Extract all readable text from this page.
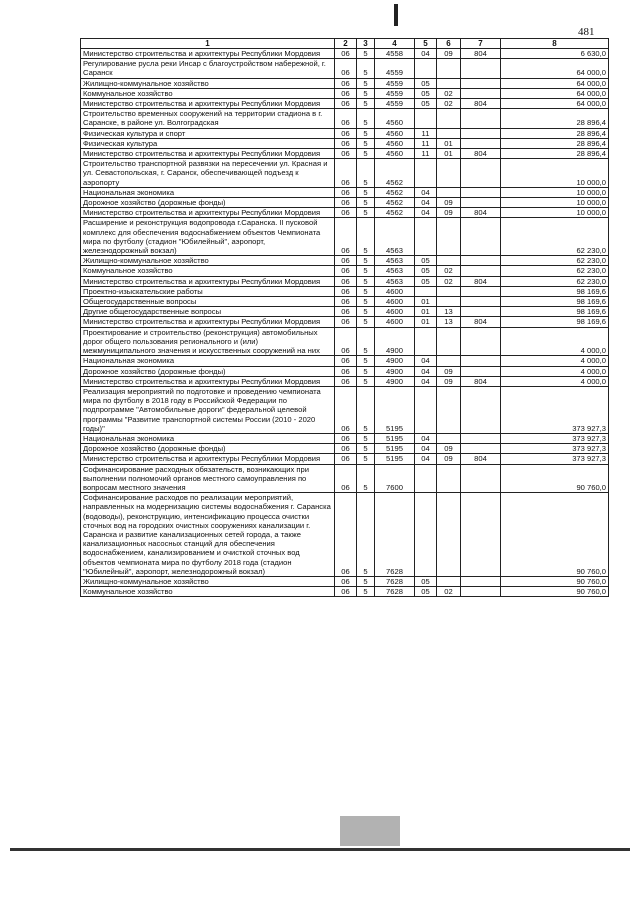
481
1	2	3	4	5	6	7	8
Министерство строительства и архитектуры Республики Мордовия	06	5	4558	04	09	804	6 630,0
Регулирование русла реки Инсар с благоустройством набережной, г. Саранск	06	5	4559				64 000,0
Жилищно-коммунальное хозяйство	06	5	4559	05			64 000,0
Коммунальное хозяйство	06	5	4559	05	02		64 000,0
Министерство строительства и архитектуры Республики Мордовия	06	5	4559	05	02	804	64 000,0
Строительство временных сооружений на территории стадиона в г. Саранске, в районе ул. Волгоградская	06	5	4560				28 896,4
Физическая культура и спорт	06	5	4560	11			28 896,4
Физическая культура	06	5	4560	11	01		28 896,4
Министерство строительства и архитектуры Республики Мордовия	06	5	4560	11	01	804	28 896,4
Строительство транспортной развязки на пересечении ул. Красная и ул. Севастопольская, г. Саранск, обеспечивающей подъезд к аэропорту	06	5	4562				10 000,0
Национальная экономика	06	5	4562	04			10 000,0
Дорожное хозяйство (дорожные фонды)	06	5	4562	04	09		10 000,0
Министерство строительства и архитектуры Республики Мордовия	06	5	4562	04	09	804	10 000,0
Расширение и реконструкция водопровода г.Саранска. II пусковой комплекс для обеспечения водоснабжением объектов Чемпионата мира по футболу (стадион "Юбилейный", аэропорт, железнодорожный вокзал)	06	5	4563				62 230,0
Жилищно-коммунальное хозяйство	06	5	4563	05			62 230,0
Коммунальное хозяйство	06	5	4563	05	02		62 230,0
Министерство строительства и архитектуры Республики Мордовия	06	5	4563	05	02	804	62 230,0
Проектно-изыскательские работы	06	5	4600				98 169,6
Общегосударственные вопросы	06	5	4600	01			98 169,6
Другие общегосударственные вопросы	06	5	4600	01	13		98 169,6
Министерство строительства и архитектуры Республики Мордовия	06	5	4600	01	13	804	98 169,6
Проектирование и строительство (реконструкция) автомобильных дорог общего пользования регионального и (или) межмуниципального значения и искусственных сооружений на них	06	5	4900				4 000,0
Национальная экономика	06	5	4900	04			4 000,0
Дорожное хозяйство (дорожные фонды)	06	5	4900	04	09		4 000,0
Министерство строительства и архитектуры Республики Мордовия	06	5	4900	04	09	804	4 000,0
Реализация мероприятий по подготовке и проведению чемпионата мира по футболу в 2018 году в Российской Федерации по подпрограмме "Автомобильные дороги" федеральной целевой программы "Развитие транспортной системы России (2010 - 2020 годы)"	06	5	5195				373 927,3
Национальная экономика	06	5	5195	04			373 927,3
Дорожное хозяйство (дорожные фонды)	06	5	5195	04	09		373 927,3
Министерство строительства и архитектуры Республики Мордовия	06	5	5195	04	09	804	373 927,3
Софинансирование расходных обязательств, возникающих при выполнении полномочий органов местного самоуправления по вопросам местного значения	06	5	7600				90 760,0
Софинансирование расходов по реализации мероприятий, направленных на модернизацию системы водоснабжения г. Саранска (водоводы), реконструкцию, интенсификацию процесса очистки сточных вод на городских очистных сооружениях канализации г. Саранска и развитие канализационных сетей города, а также канализационных насосных станций для обеспечения водоснабжением, канализированием и очисткой сточных вод объектов чемпионата мира по футболу 2018 года (стадион "Юбилейный", аэропорт, железнодорожный вокзал)	06	5	7628				90 760,0
Жилищно-коммунальное хозяйство	06	5	7628	05			90 760,0
Коммунальное хозяйство	06	5	7628	05	02		90 760,0
